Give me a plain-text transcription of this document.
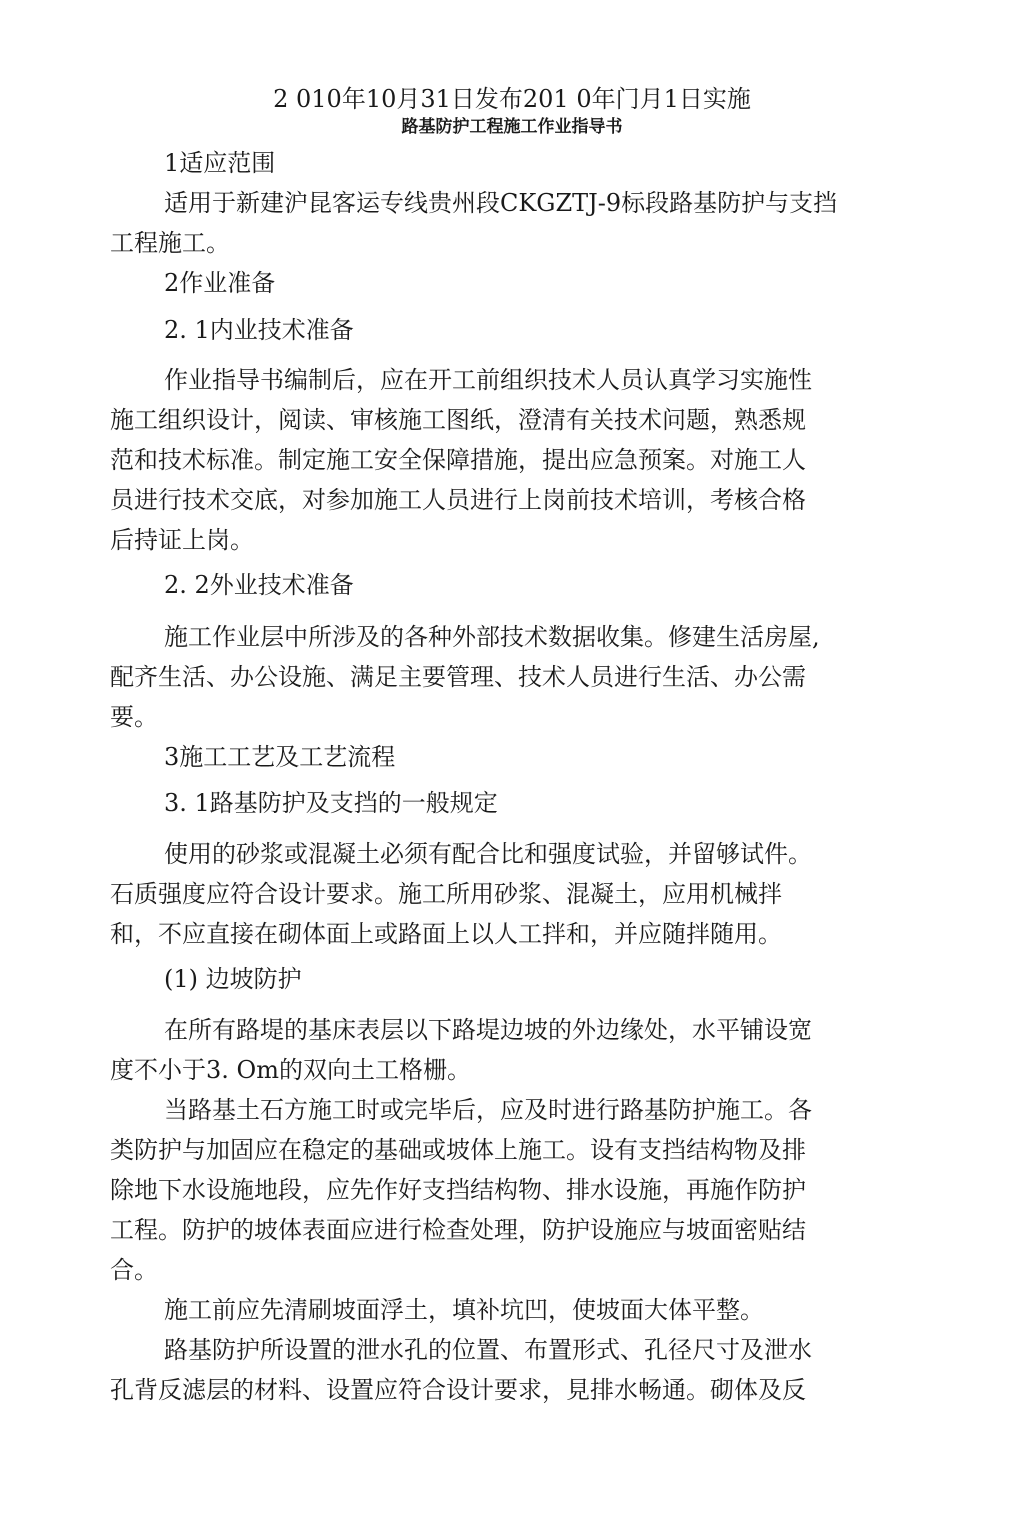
2 010年10月31日发布201 0年门月1日实施
路基防护工程施工作业指导书
1适应范围
适用于新建沪昆客运专线贵州段CKGZTJ-9标段路基防护与支挡
工程施工。
2作业准备
2. 1内业技术准备
作业指导书编制后，应在开工前组织技术人员认真学习实施性
施工组织设计，阅读、审核施工图纸，澄清有关技术问题，熟悉规
范和技术标准。制定施工安全保障措施，提出应急预案。对施工人
员进行技术交底，对参加施工人员进行上岗前技术培训，考核合格
后持证上岗。
2. 2外业技术准备
施工作业层中所涉及的各种外部技术数据收集。修建生活房屋,
配齐生活、办公设施、满足主要管理、技术人员进行生活、办公需
要。
3施工工艺及工艺流程
3. 1路基防护及支挡的一般规定
使用的砂浆或混凝土必须有配合比和强度试验，并留够试件。
石质强度应符合设计要求。施工所用砂浆、混凝土，应用机械拌
和，不应直接在砌体面上或路面上以人工拌和，并应随拌随用。
(1) 边坡防护
在所有路堤的基床表层以下路堤边坡的外边缘处，水平铺设宽
度不小于3. Om的双向土工格栅。
当路基土石方施工时或完毕后，应及时进行路基防护施工。各
类防护与加固应在稳定的基础或坡体上施工。设有支挡结构物及排
除地下水设施地段，应先作好支挡结构物、排水设施，再施作防护
工程。防护的坡体表面应进行检查处理，防护设施应与坡面密贴结
合。
施工前应先清刷坡面浮土，填补坑凹，使坡面大体平整。
路基防护所设置的泄水孔的位置、布置形式、孔径尺寸及泄水
孔背反滤层的材料、设置应符合设计要求，見排水畅通。砌体及反
